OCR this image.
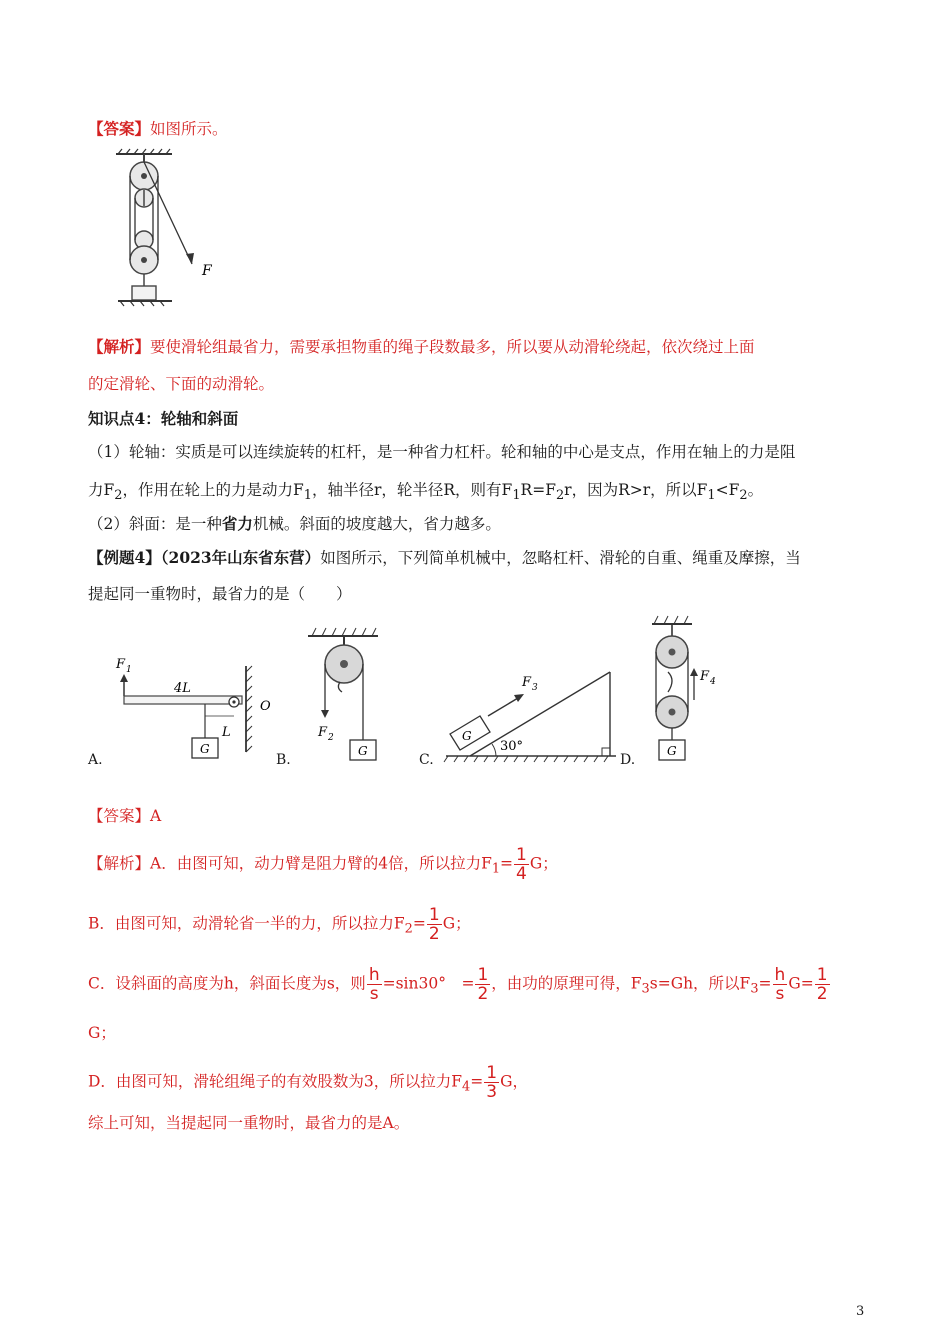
【答案】如图所示。
F
【解析】要使滑轮组最省力，需要承担物重的绳子段数最多，所以要从动滑轮绕起，依次绕过上面
的定滑轮、下面的动滑轮。
知识点4：轮轴和斜面
（1）轮轴：实质是可以连续旋转的杠杆，是一种省力杠杆。轮和轴的中心是支点，作用在轴上的力是阻
力$F_2$，作用在轮上的力是动力$F_1$，轴半径r，轮半径R，则有$F_1R=F_2r$，因为R>r，所以$F_1<F_2$。
（2）斜面：是一种省力机械。斜面的坡度越大，省力越多。
【例题4】（2023年山东省东营）如图所示，下列简单机械中，忽略杠杆、滑轮的自重、绳重及摩擦，当
提起同一重物时，最省力的是（　　）
F 1
4L
O
L
G
A.
F 2
G
B.
G
F 3
30°
C.	D.
F 4
G
【答案】A
【解析】A．由图可知，动力臂是阻力臂的4倍，所以拉力$F_1= \frac{1}{4}$ G；
B．由图可知，动滑轮省一半的力，所以拉力$F_2= \frac{1}{2}$ G；
C．设斜面的高度为h，斜面长度为s，则 $\frac{h}{s} =\sin 30^\circ$　= $\frac{1}{2}$ ，由功的原理可得，$F_3s=Gh$，所以$F_3= \frac{h}{s} G= \frac{1}{2}$
G；
D．由图可知，滑轮组绳子的有效股数为3，所以拉力$F_4= \frac{1}{3}$ G，
综上可知，当提起同一重物时，最省力的是A。
3
